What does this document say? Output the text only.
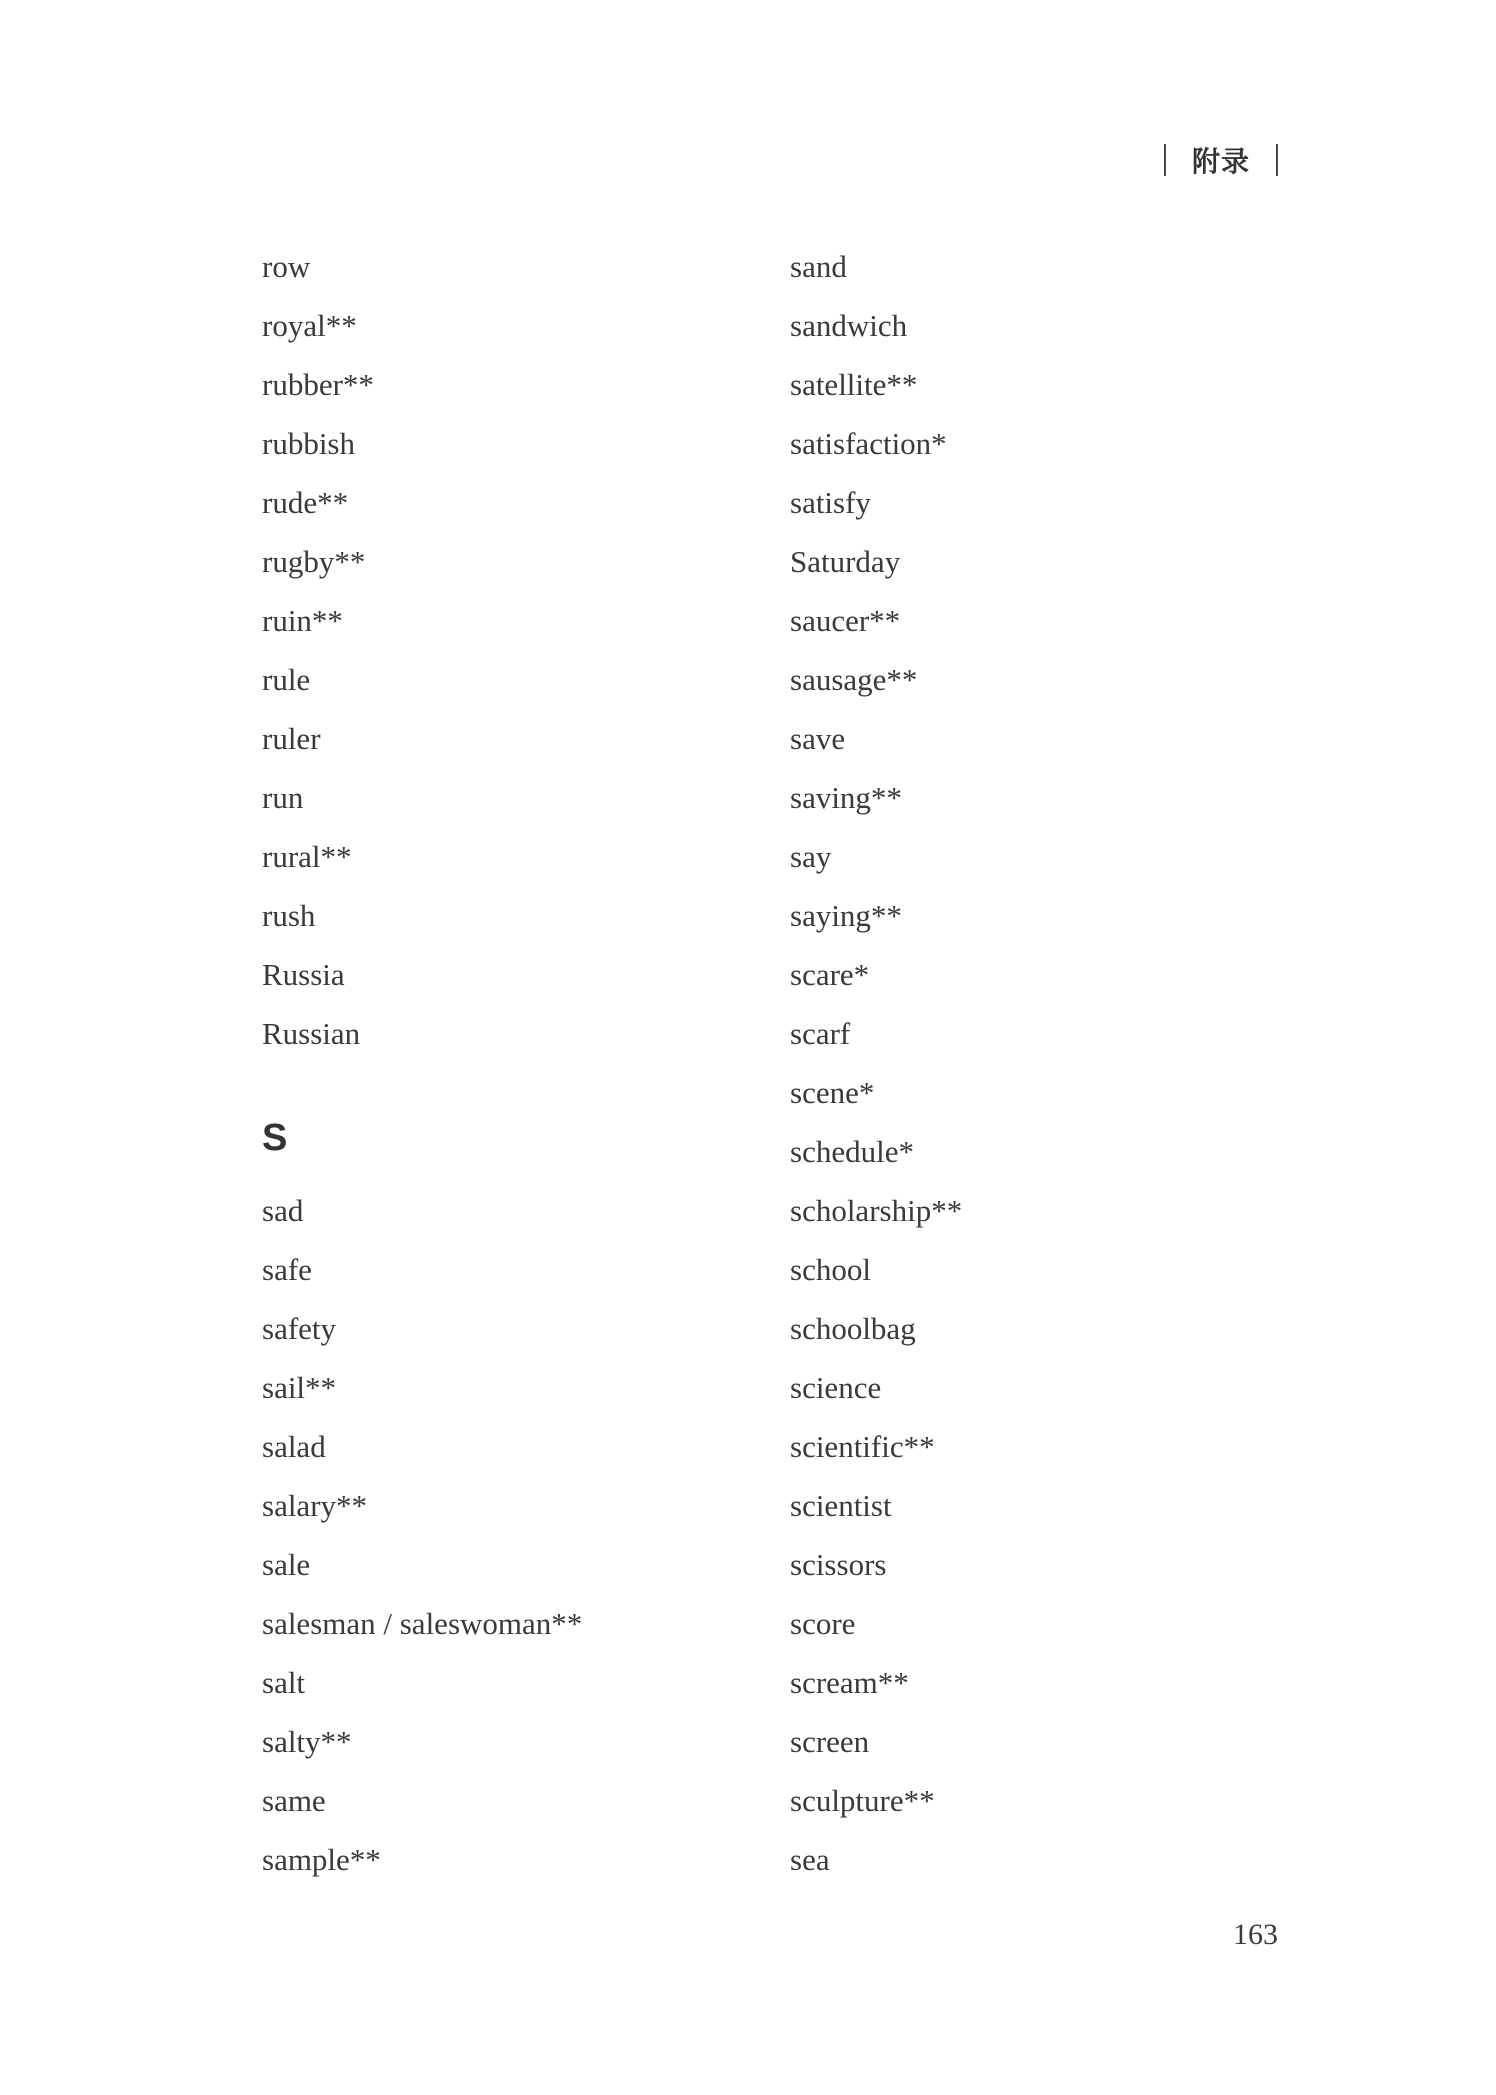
附录
row
royal**
rubber**
rubbish
rude**
rugby**
ruin**
rule
ruler
run
rural**
rush
Russia
Russian
S
sad
safe
safety
sail**
salad
salary**
sale
salesman / saleswoman**
salt
salty**
same
sample**
sand
sandwich
satellite**
satisfaction*
satisfy
Saturday
saucer**
sausage**
save
saving**
say
saying**
scare*
scarf
scene*
schedule*
scholarship**
school
schoolbag
science
scientific**
scientist
scissors
score
scream**
screen
sculpture**
sea
163
